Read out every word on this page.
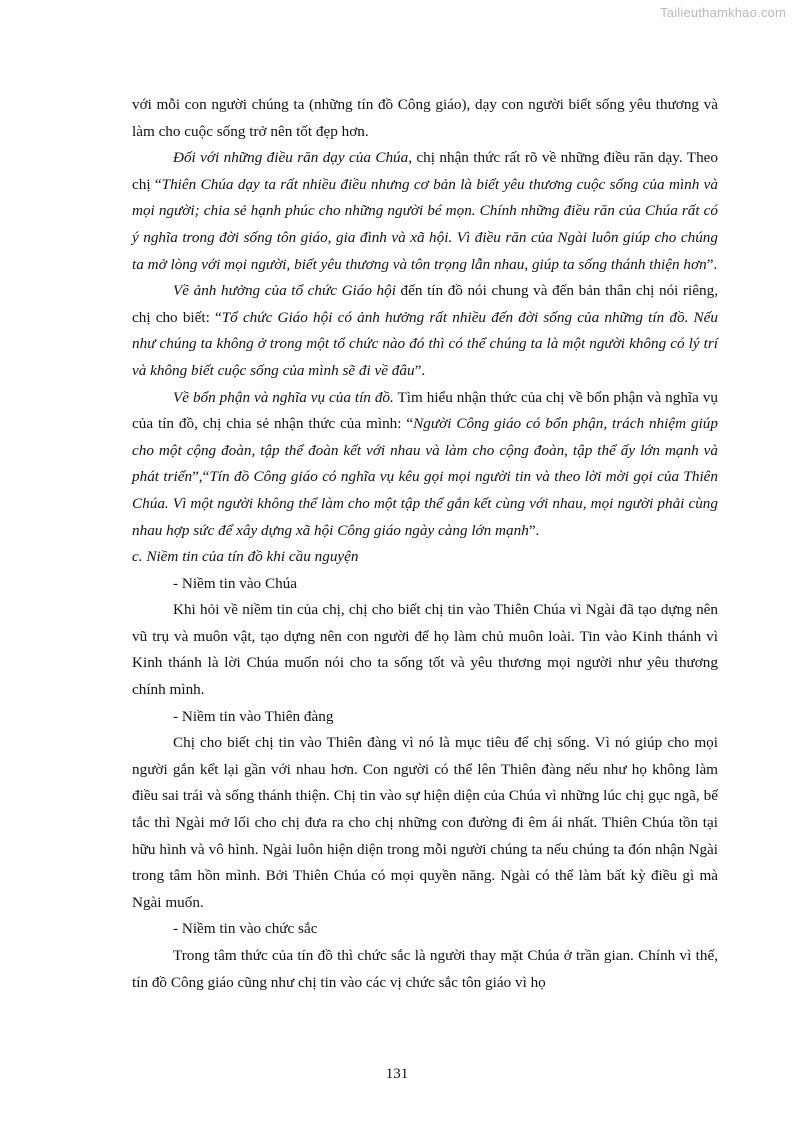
Tailieuthamkhao.com

với mỗi con người chúng ta (những tín đồ Công giáo), dạy con người biết sống yêu thương và làm cho cuộc sống trở nên tốt đẹp hơn.

Đối với những điều răn dạy của Chúa, chị nhận thức rất rõ về những điều răn dạy. Theo chị “Thiên Chúa dạy ta rất nhiều điều nhưng cơ bản là biết yêu thương cuộc sống của mình và mọi người; chia sẻ hạnh phúc cho những người bé mọn. Chính những điều răn của Chúa rất có ý nghĩa trong đời sống tôn giáo, gia đình và xã hội. Vì điều răn của Ngài luôn giúp cho chúng ta mở lòng với mọi người, biết yêu thương và tôn trọng lẫn nhau, giúp ta sống thánh thiện hơn”.

Về ảnh hưởng của tổ chức Giáo hội đến tín đồ nói chung và đến bản thân chị nói riêng, chị cho biết: “Tổ chức Giáo hội có ảnh hưởng rất nhiều đến đời sống của những tín đồ. Nếu như chúng ta không ở trong một tổ chức nào đó thì có thể chúng ta là một người không có lý trí và không biết cuộc sống của mình sẽ đi về đâu”.

Về bổn phận và nghĩa vụ của tín đồ. Tìm hiểu nhận thức của chị về bổn phận và nghĩa vụ của tín đồ, chị chia sẻ nhận thức của mình: “Người Công giáo có bổn phận, trách nhiệm giúp cho một cộng đoàn, tập thể đoàn kết với nhau và làm cho cộng đoàn, tập thể ấy lớn mạnh và phát triển”,“Tín đồ Công giáo có nghĩa vụ kêu gọi mọi người tin và theo lời mời gọi của Thiên Chúa. Vì một người không thể làm cho một tập thể gắn kết cùng với nhau, mọi người phải cùng nhau hợp sức để xây dựng xã hội Công giáo ngày càng lớn mạnh”.

c. Niềm tin của tín đồ khi cầu nguyện

- Niềm tin vào Chúa

Khi hỏi về niềm tin của chị, chị cho biết chị tin vào Thiên Chúa vì Ngài đã tạo dựng nên vũ trụ và muôn vật, tạo dựng nên con người để họ làm chủ muôn loài. Tin vào Kinh thánh vì Kinh thánh là lời Chúa muốn nói cho ta sống tốt và yêu thương mọi người như yêu thương chính mình.

- Niềm tin vào Thiên đàng

Chị cho biết chị tin vào Thiên đàng vì nó là mục tiêu để chị sống. Vì nó giúp cho mọi người gắn kết lại gần với nhau hơn. Con người có thể lên Thiên đàng nếu như họ không làm điều sai trái và sống thánh thiện. Chị tin vào sự hiện diện của Chúa vì những lúc chị gục ngã, bế tắc thì Ngài mở lối cho chị đưa ra cho chị những con đường đi êm ái nhất. Thiên Chúa tồn tại hữu hình và vô hình. Ngài luôn hiện diện trong mỗi người chúng ta nếu chúng ta đón nhận Ngài trong tâm hồn mình. Bởi Thiên Chúa có mọi quyền năng. Ngài có thể làm bất kỳ điều gì mà Ngài muốn.

- Niềm tin vào chức sắc

Trong tâm thức của tín đồ thì chức sắc là người thay mặt Chúa ở trần gian. Chính vì thế, tín đồ Công giáo cũng như chị tin vào các vị chức sắc tôn giáo vì họ

131
